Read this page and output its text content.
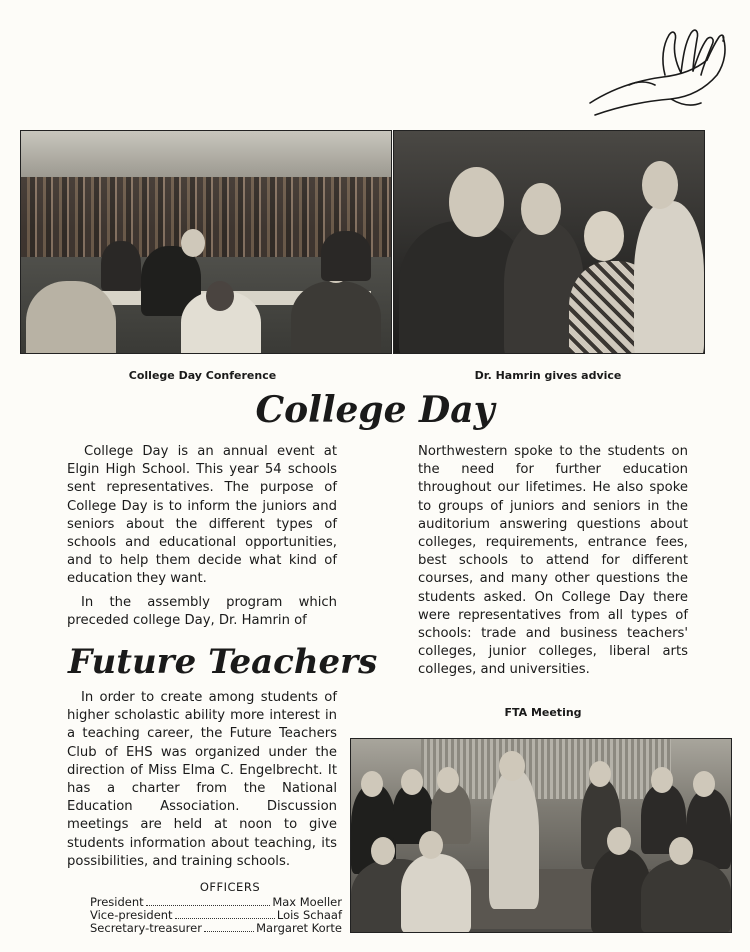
College Day Conference	Dr. Hamrin gives advice
College Day

College Day is an annual event at Elgin High School. This year 54 schools sent representatives. The purpose of College Day is to inform the juniors and seniors about the different types of schools and educational opportunities, and to help them decide what kind of education they want.

In the assembly program which preceded college Day, Dr. Hamrin of

Future Teachers

In order to create among students of higher scholastic ability more interest in a teaching career, the Future Teachers Club of EHS was organized under the direction of Miss Elma C. Engelbrecht. It has a charter from the National Education Association. Discussion meetings are held at noon to give students information about teaching, its possibilities, and training schools.

OFFICERS
President	Max Moeller
Vice-president	Lois Schaaf
Secretary-treasurer	Margaret Korte

Northwestern spoke to the students on the need for further education throughout our lifetimes. He also spoke to groups of juniors and seniors in the auditorium answering questions about colleges, requirements, entrance fees, best schools to attend for different courses, and many other questions the students asked. On College Day there were representatives from all types of schools: trade and business teachers' colleges, junior colleges, liberal arts colleges, and universities.

FTA Meeting
